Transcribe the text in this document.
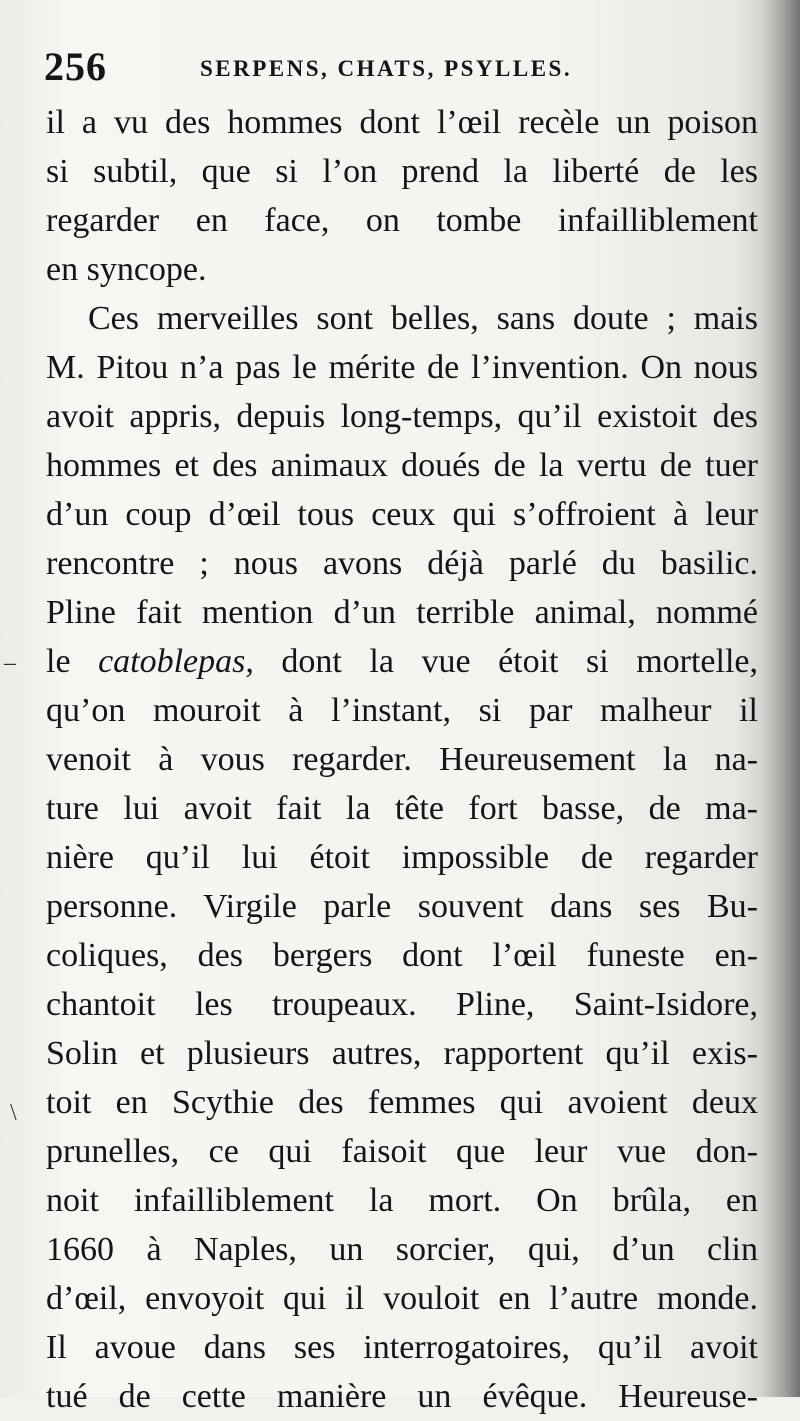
256	SERPENS, CHATS, PSYLLES.
il a vu des hommes dont l’œil recèle un poison
si subtil, que si l’on prend la liberté de les
regarder en face, on tombe infailliblement
en syncope.
Ces merveilles sont belles, sans doute ; mais
M. Pitou n’a pas le mérite de l’invention. On nous
avoit appris, depuis long-temps, qu’il existoit des
hommes et des animaux doués de la vertu de tuer
d’un coup d’œil tous ceux qui s’offroient à leur
rencontre ; nous avons déjà parlé du basilic.
Pline fait mention d’un terrible animal, nommé
le catoblepas, dont la vue étoit si mortelle,
qu’on mouroit à l’instant, si par malheur il
venoit à vous regarder. Heureusement la na-
ture lui avoit fait la tête fort basse, de ma-
nière qu’il lui étoit impossible de regarder
personne. Virgile parle souvent dans ses Bu-
coliques, des bergers dont l’œil funeste en-
chantoit les troupeaux. Pline, Saint-Isidore,
Solin et plusieurs autres, rapportent qu’il exis-
toit en Scythie des femmes qui avoient deux
prunelles, ce qui faisoit que leur vue don-
noit infailliblement la mort. On brûla, en
1660 à Naples, un sorcier, qui, d’un clin
d’œil, envoyoit qui il vouloit en l’autre monde.
Il avoue dans ses interrogatoires, qu’il avoit
tué de cette manière un évêque. Heureuse-
–
\
